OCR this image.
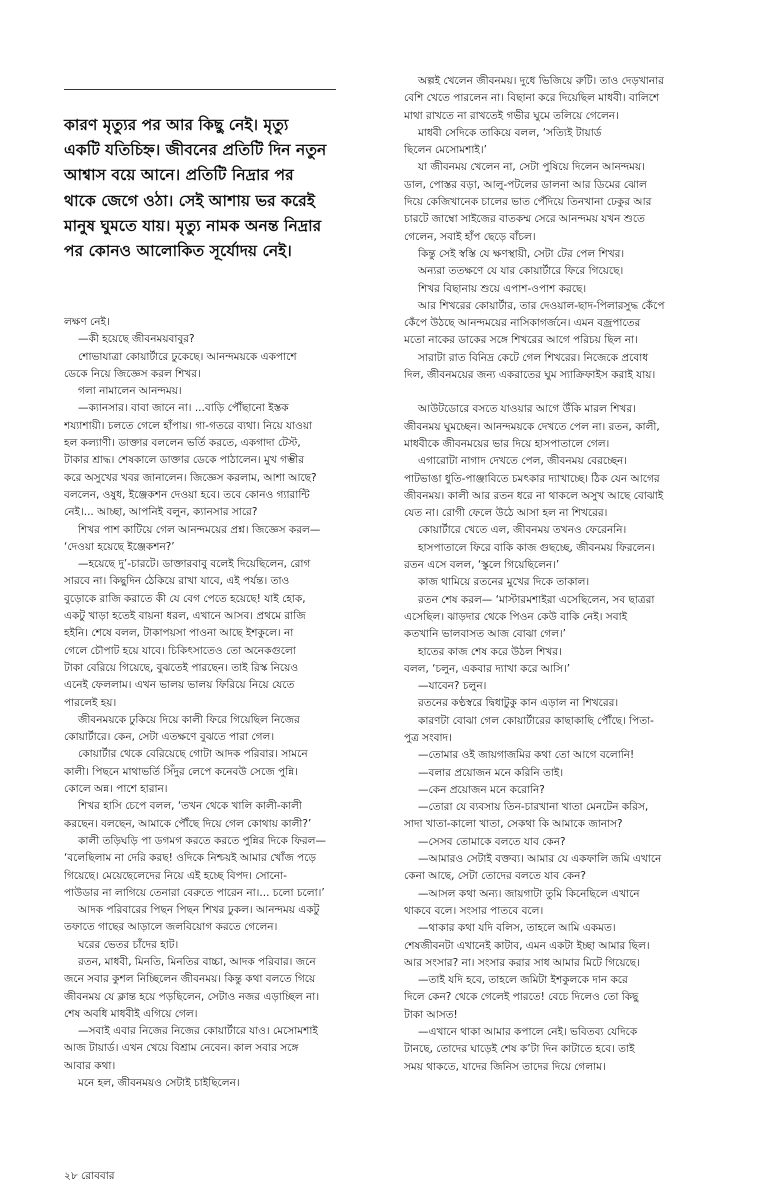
কারণ মৃত্যুর পর আর কিছু নেই। মৃত্যু
একটি যতিচিহ্ন। জীবনের প্রতিটি দিন নতুন
আশ্বাস বয়ে আনে। প্রতিটি নিদ্রার পর
থাকে জেগে ওঠা। সেই আশায় ভর করেই
মানুষ ঘুমতে যায়। মৃত্যু নামক অনন্ত নিদ্রার
পর কোনও আলোকিত সূর্যোদয় নেই।
লক্ষণ নেই।
—কী হয়েছে জীবনময়বাবুর?
শোভাযাত্রা কোয়ার্টারে ঢুকেছে। আনন্দময়কে একপাশে
ডেকে নিয়ে জিজ্ঞেস করল শিখর।
গলা নামালেন আনন্দময়।
—ক্যানসার। বাবা জানে না। ...বাড়ি পৌঁছানো ইস্তক
শয্যাশায়ী। চলতে গেলে হাঁপায়। গা-গতরে ব্যথা। নিয়ে যাওয়া
হল কল্যাণী। ডাক্তার বললেন ভর্তি করতে, একগাদা টেস্ট,
টাকার শ্রাদ্ধ। শেষকালে ডাক্তার ডেকে পাঠালেন। মুখ গম্ভীর
করে অসুখের খবর জানালেন। জিজ্ঞেস করলাম, আশা আছে?
বললেন, ওষুধ, ইঞ্জেকশন দেওয়া হবে। তবে কোনও গ্যারান্টি
নেই।... আচ্ছা, আপনিই বলুন, ক্যানসার সারে?
শিখর পাশ কাটিয়ে গেল আনন্দময়ের প্রশ্ন। জিজ্ঞেস করল—
‘দেওয়া হয়েছে ইঞ্জেকশন?’
—হয়েছে দু’-চারটে। ডাক্তারবাবু বলেই দিয়েছিলেন, রোগ
সারবে না। কিছুদিন ঠেকিয়ে রাখা যাবে, এই পর্যন্ত। তাও
বুড়োকে রাজি করাতে কী যে বেগ পেতে হয়েছে! যাই হোক,
একটু খাড়া হতেই বায়না ধরল, এখানে আসব। প্রথমে রাজি
হইনি। শেষে বলল, টাকাপয়সা পাওনা আছে ইশকুলে। না
গেলে চৌপাট হয়ে যাবে। চিকিৎসাতেও তো অনেকগুলো
টাকা বেরিয়ে গিয়েছে, বুঝতেই পারছেন। তাই রিস্ক নিয়েও
এনেই ফেললাম। এখন ভালয় ভালয় ফিরিয়ে নিয়ে যেতে
পারলেই হয়।
জীবনময়কে ঢুকিয়ে দিয়ে কালী ফিরে গিয়েছিল নিজের
কোয়ার্টারে। কেন, সেটা এতক্ষণে বুঝতে পারা গেল।
কোয়ার্টার থেকে বেরিয়েছে গোটা আদক পরিবার। সামনে
কালী। পিছনে মাথাভর্তি সিঁদুর লেপে কনেবউ সেজে পুন্নি।
কোলে অন্ন। পাশে হারান।
শিখর হাসি চেপে বলল, ‘তখন থেকে খালি কালী-কালী
করছেন। বলছেন, আমাকে পৌঁছে দিয়ে গেল কোথায় কালী?’
কালী তড়িঘড়ি পা ডগমগ করতে করতে পুন্নির দিকে ফিরল—
‘বলেছিলাম না দেরি করছ! ওদিকে নিশ্চয়ই আমার খোঁজ পড়ে
গিয়েছে। মেয়েছেলেদের নিয়ে এই হচ্ছে বিপদ। সোনো-
পাউডার না লাগিয়ে তেনারা বেরুতে পারেন না।... চলো চলো।’
আদক পরিবারের পিছন পিছন শিখর ঢুকল। আনন্দময় একটু
তফাতে গাছের আড়ালে জলবিয়োগ করতে গেলেন।
ঘরের ভেতর চাঁদের হাট।
রতন, মাধবী, মিনতি, মিনতির বাচ্চা, আদক পরিবার। জনে
জনে সবার কুশল নিচ্ছিলেন জীবনময়। কিন্তু কথা বলতে গিয়ে
জীবনময় যে ক্লান্ত হয়ে পড়ছিলেন, সেটাও নজর এড়াচ্ছিল না।
শেষ অবধি মাধবীই এগিয়ে গেল।
—সবাই এবার নিজের নিজের কোয়ার্টারে যাও। মেসোমশাই
আজ টায়ার্ড। এখন খেয়ে বিশ্রাম নেবেন। কাল সবার সঙ্গে
আবার কথা।
মনে হল, জীবনময়ও সেটাই চাইছিলেন।
অল্পই খেলেন জীবনময়। দুধে ভিজিয়ে রুটি। তাও দেড়খানার
বেশি খেতে পারলেন না। বিছানা করে দিয়েছিল মাধবী। বালিশে
মাথা রাখতে না রাখতেই গভীর ঘুমে তলিয়ে গেলেন।
মাধবী সেদিকে তাকিয়ে বলল, ‘সত্যিই টায়ার্ড
ছিলেন মেসোমশাই।’
যা জীবনময় খেলেন না, সেটা পুষিয়ে দিলেন আনন্দময়।
ডাল, পোস্তর বড়া, আলু-পটলের ডালনা আর ডিমের ঝোল
দিয়ে কেজিখানেক চালের ভাত পেঁদিয়ে তিনখানা ঢেকুর আর
চারটে জাম্বো সাইজের বাতকম্ম সেরে আনন্দময় যখন শুতে
গেলেন, সবাই হাঁপ ছেড়ে বাঁচল।
কিন্তু সেই স্বস্তি যে ক্ষণস্থায়ী, সেটা টের পেল শিখর।
অন্যরা ততক্ষণে যে যার কোয়ার্টারে ফিরে গিয়েছে।
শিখর বিছানায় শুয়ে এপাশ-ওপাশ করছে।
আর শিখরের কোয়ার্টার, তার দেওয়াল-ছাদ-পিলারসুদ্ধ কেঁপে
কেঁপে উঠছে আনন্দময়ের নাসিকাগর্জনে। এমন বজ্রপাতের
মতো নাকের ডাকের সঙ্গে শিখরের আগে পরিচয় ছিল না।
সারাটা রাত বিনিদ্র কেটে গেল শিখরের। নিজেকে প্রবোধ
দিল, জীবনময়ের জন্য একরাতের ঘুম স্যাক্রিফাইস করাই যায়।
আউটডোরে বসতে যাওয়ার আগে উঁকি মারল শিখর।
জীবনময় ঘুমচ্ছেন। আনন্দময়কে দেখতে পেল না। রতন, কালী,
মাধবীকে জীবনময়ের ভার দিয়ে হাসপাতালে গেল।
এগারোটা নাগাদ দেখতে পেল, জীবনময় বেরচ্ছেন।
পাটভাঙা ধুতি-পাঞ্জাবিতে চমৎকার দ্যাখাচ্ছে। ঠিক যেন আগের
জীবনময়। কালী আর রতন ধরে না থাকলে অসুখ আছে বোঝাই
যেত না। রোগী ফেলে উঠে আসা হল না শিখরের।
কোয়ার্টারে খেতে এল, জীবনময় তখনও ফেরেননি।
হাসপাতালে ফিরে বাকি কাজ গুছচ্ছে, জীবনময় ফিরলেন।
রতন এসে বলল, ‘স্কুলে গিয়েছিলেন।’
কাজ থামিয়ে রতনের মুখের দিকে তাকাল।
রতন শেষ করল— ‘মাস্টারমশাইরা এসেছিলেন, সব ছাত্ররা
এসেছিল। ঝাড়দার থেকে পিওন কেউ বাকি নেই। সবাই
কতখানি ভালবাসত আজ বোঝা গেল।’
হাতের কাজ শেষ করে উঠল শিখর।
বলল, ‘চলুন, একবার দ্যাখা করে আসি।’
—যাবেন? চলুন।
রতনের কণ্ঠস্বরে দ্বিধাটুকু কান এড়াল না শিখরের।
কারণটা বোঝা গেল কোয়ার্টারের কাছাকাছি পৌঁছে। পিতা-
পুত্র সংবাদ।
—তোমার ওই জায়গাজমির কথা তো আগে বলোনি!
—বলার প্রয়োজন মনে করিনি তাই।
—কেন প্রয়োজন মনে করোনি?
—তোরা যে ব্যবসায় তিন-চারখানা খাতা মেনটেন করিস,
সাদা খাতা-কালো খাতা, সেকথা কি আমাকে জানাস?
—সেসব তোমাকে বলতে যাব কেন?
—আমারও সেটাই বক্তব্য। আমার যে একফালি জমি এখানে
কেনা আছে, সেটা তোদের বলতে যাব কেন?
—আসল কথা অন্য। জায়গাটা তুমি কিনেছিলে এখানে
থাকবে বলে। সংসার পাতবে বলে।
—থাকার কথা যদি বলিস, তাহলে আমি একমত।
শেষজীবনটা এখানেই কাটাব, এমন একটা ইচ্ছা আমার ছিল।
আর সংসার? না। সংসার করার সাধ আমার মিটে গিয়েছে।
—তাই যদি হবে, তাহলে জমিটা ইশকুলকে দান করে
দিলে কেন? থেকে গেলেই পারতে! বেচে দিলেও তো কিছু
টাকা আসত!
—এখানে থাকা আমার কপালে নেই। ভবিতব্য যেদিকে
টানছে, তোদের ঘাড়েই শেষ ক’টা দিন কাটাতে হবে। তাই
সময় থাকতে, যাদের জিনিস তাদের দিয়ে গেলাম।
২৮ রোববার
